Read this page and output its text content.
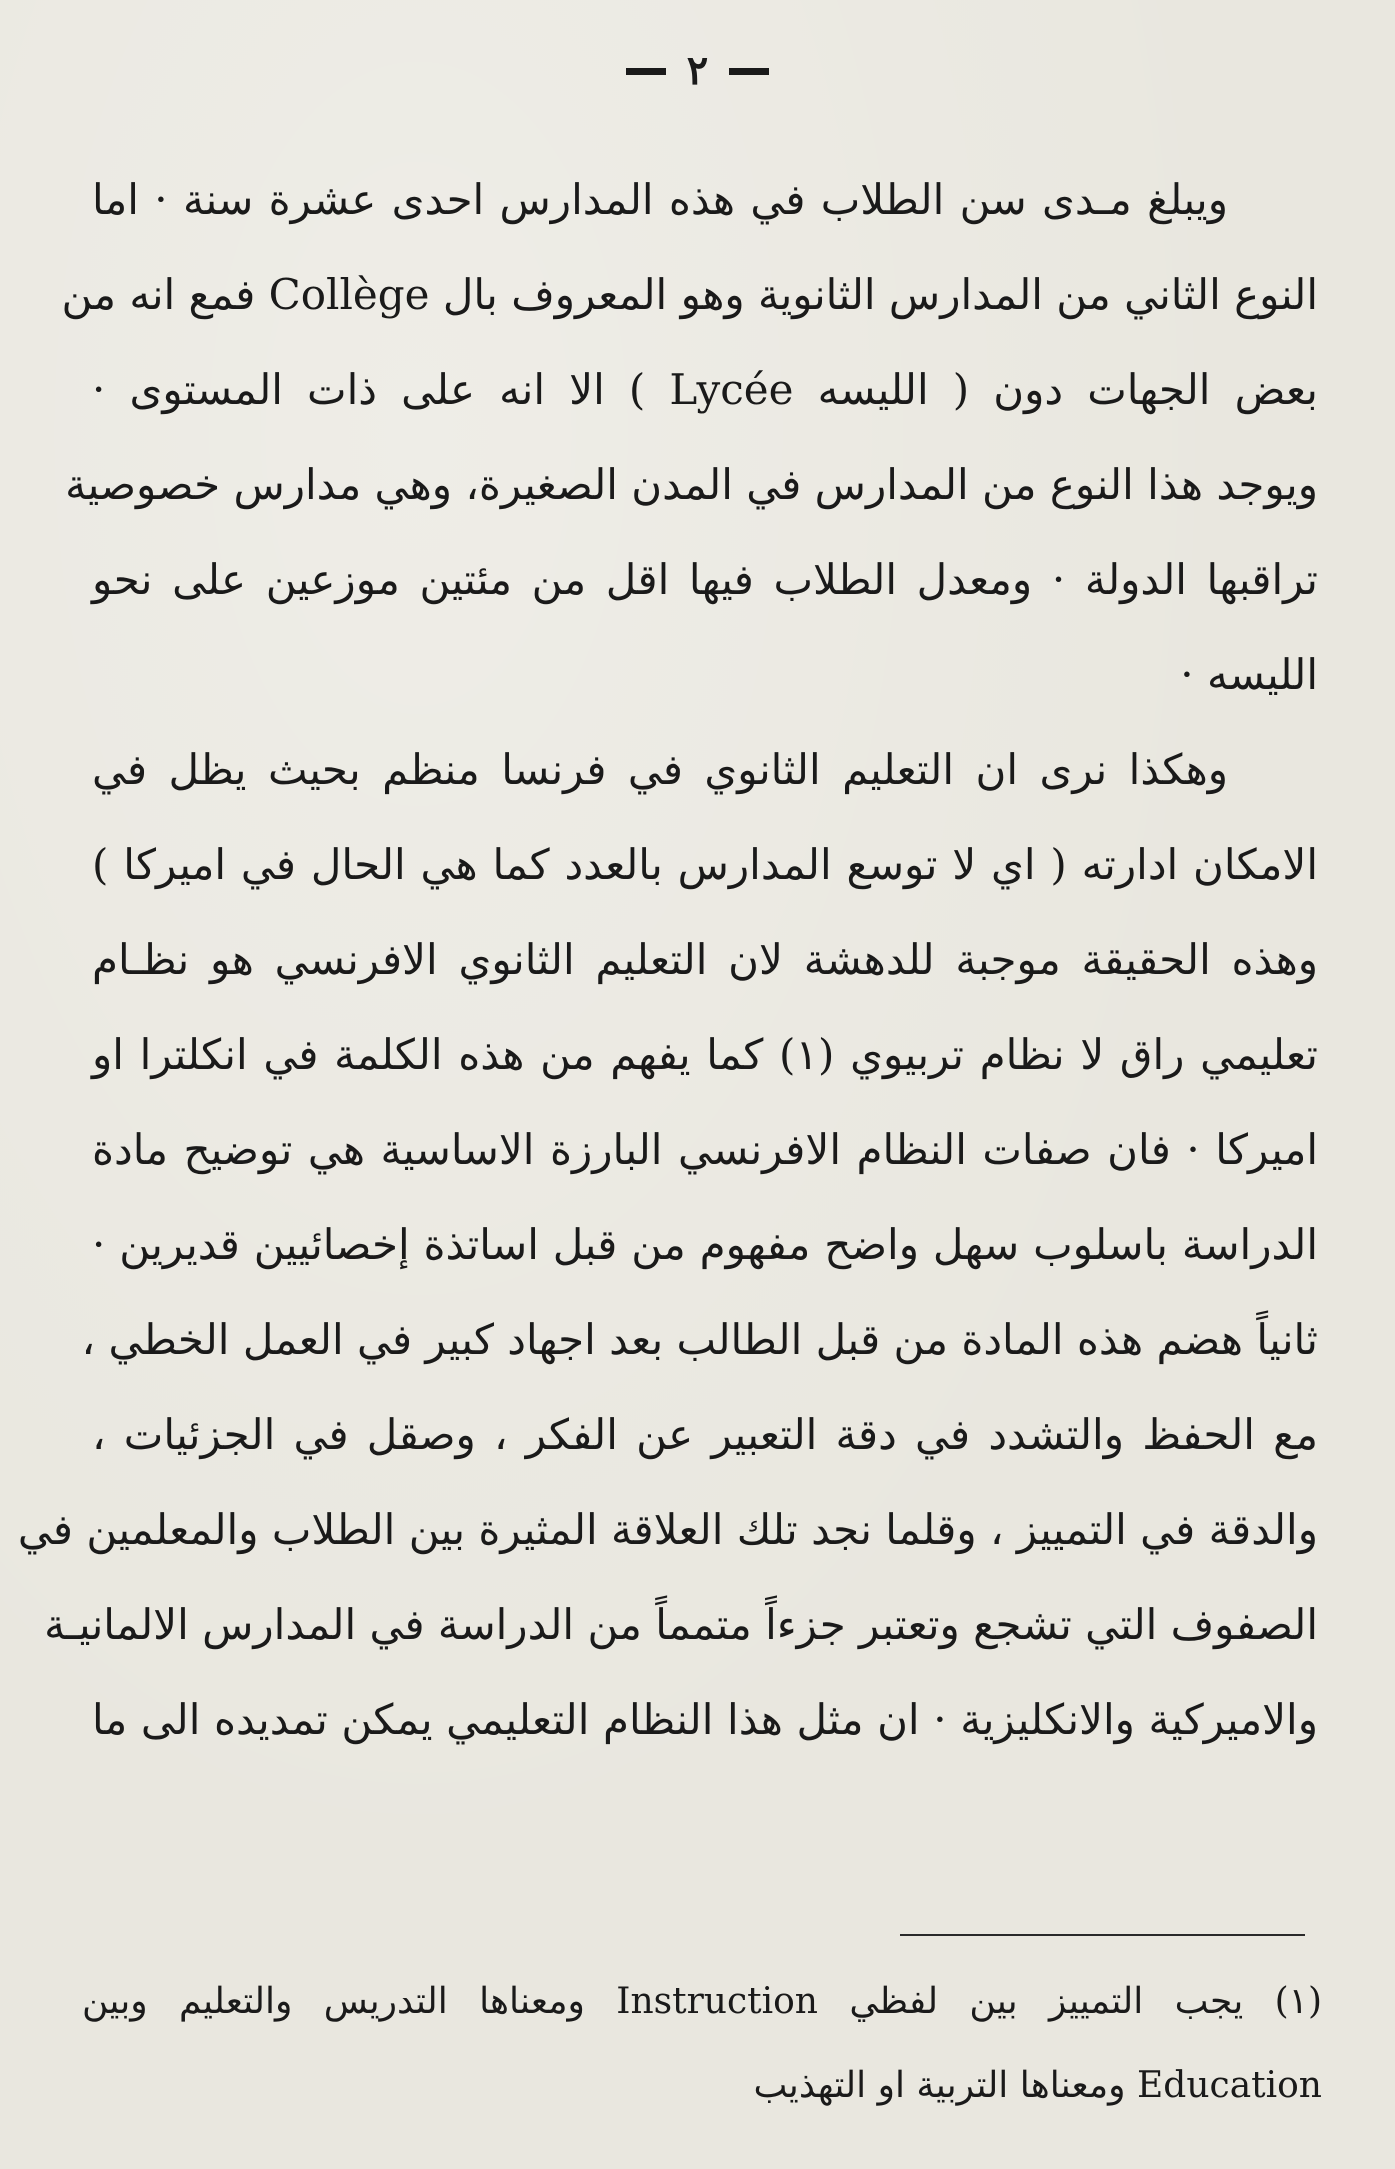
٢
ويبلغ مـدى سن الطلاب في هذه المدارس احدى عشرة سنة · اما
النوع الثاني من المدارس الثانوية وهو المعروف بال Collège فمع انه من
بعض الجهات دون ( الليسه Lycée ) الا انه على ذات المستوى ·
ويوجد هذا النوع من المدارس في المدن الصغيرة، وهي مدارس خصوصية
تراقبها الدولة · ومعدل الطلاب فيها اقل من مئتين موزعين على نحو
الليسه ·
وهكذا نرى ان التعليم الثانوي في فرنسا منظم بحيث يظل في
الامكان ادارته ( اي لا توسع المدارس بالعدد كما هي الحال في اميركا )
وهذه الحقيقة موجبة للدهشة لان التعليم الثانوي الافرنسي هو نظـام
تعليمي راق لا نظام تربيوي (١) كما يفهم من هذه الكلمة في انكلترا او
اميركا · فان صفات النظام الافرنسي البارزة الاساسية هي توضيح مادة
الدراسة باسلوب سهل واضح مفهوم من قبل اساتذة إخصائيين قديرين ·
ثانياً هضم هذه المادة من قبل الطالب بعد اجهاد كبير في العمل الخطي ،
مع الحفظ والتشدد في دقة التعبير عن الفكر ، وصقل في الجزئيات ،
والدقة في التمييز ، وقلما نجد تلك العلاقة المثيرة بين الطلاب والمعلمين في
الصفوف التي تشجع وتعتبر جزءاً متمماً من الدراسة في المدارس الالمانيـة
والاميركية والانكليزية · ان مثل هذا النظام التعليمي يمكن تمديده الى ما
(١) يجب التمييز بين لفظي Instruction ومعناها التدريس والتعليم وبين
Education ومعناها التربية او التهذيب
